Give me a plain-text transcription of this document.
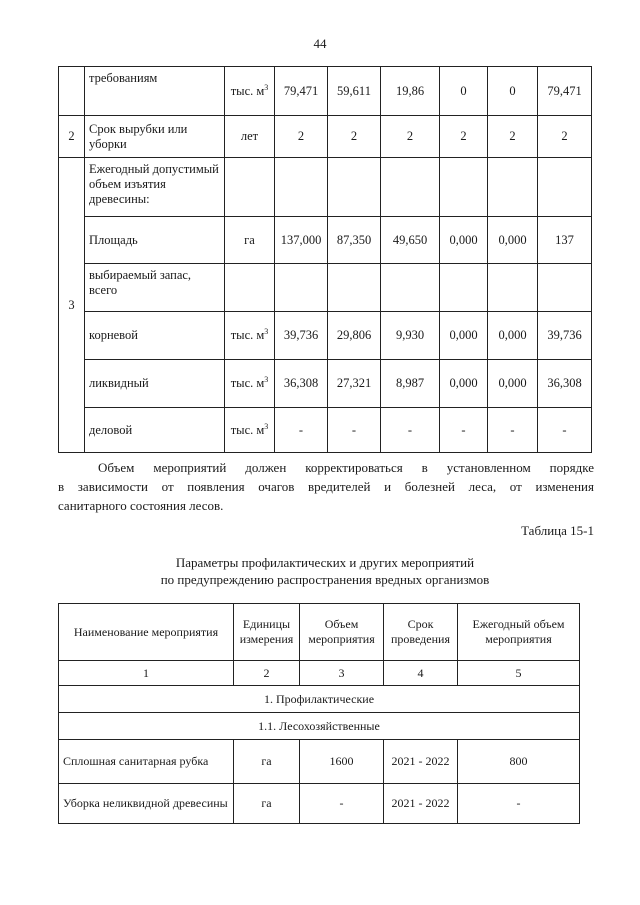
44
	требованиям	тыс. $м^3$	79,471	59,611	19,86	0	0	79,471
2	Срок вырубки или уборки	лет	2	2	2	2	2	2
3	Ежегодный допустимый объем изъятия древесины:							
	Площадь	га	137,000	87,350	49,650	0,000	0,000	137
	выбираемый запас, всего							
	корневой	тыс. $м^3$	39,736	29,806	9,930	0,000	0,000	39,736
	ликвидный	тыс. $м^3$	36,308	27,321	8,987	0,000	0,000	36,308
	деловой	тыс. $м^3$	-	-	-	-	-	-
Объем мероприятий должен корректироваться в установленном порядке
в зависимости от появления очагов вредителей и болезней леса, от изменения
санитарного состояния лесов.
Таблица 15-1
Параметры профилактических и других мероприятий
по предупреждению распространения вредных организмов
Наименование мероприятия	Единицы измерения	Объем мероприятия	Срок проведения	Ежегодный объем мероприятия
1	2	3	4	5
1. Профилактические				
1.1. Лесохозяйственные				
Сплошная санитарная рубка	га	1600	2021 - 2022	800
Уборка неликвидной древесины	га	-	2021 - 2022	-
